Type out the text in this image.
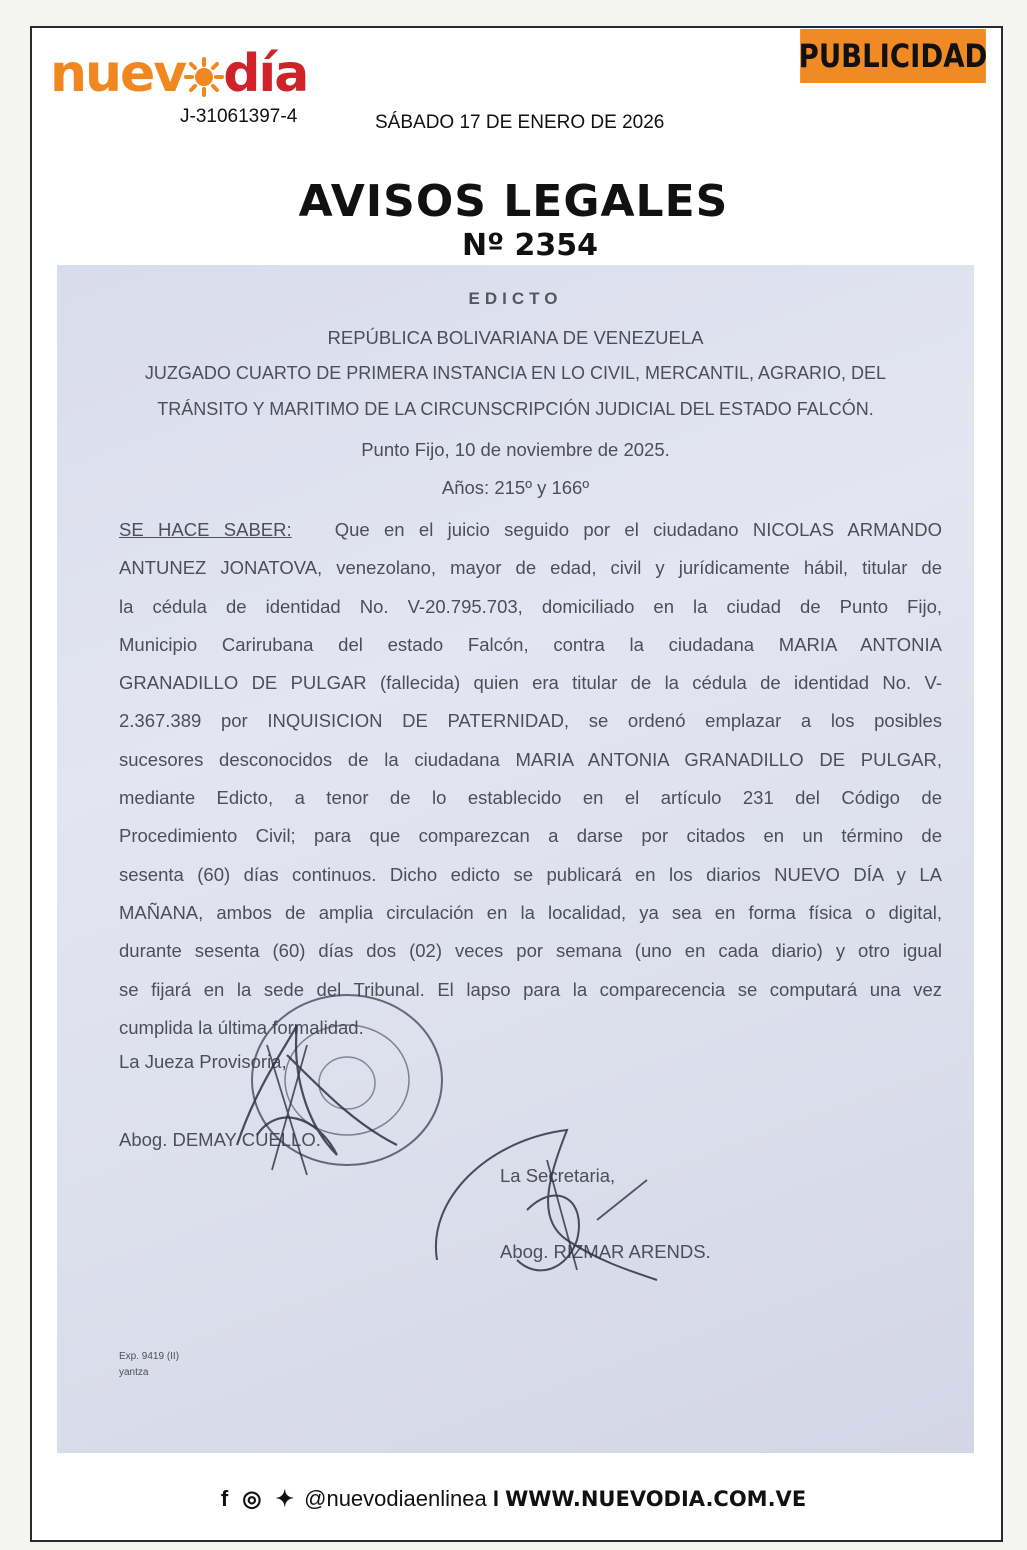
nuev día
J-31061397-4	SÁBADO 17 DE ENERO DE 2026
PUBLICIDAD
AVISOS LEGALES
Nº 2354
EDICTO
REPÚBLICA BOLIVARIANA DE VENEZUELA
JUZGADO CUARTO DE PRIMERA INSTANCIA EN LO CIVIL, MERCANTIL, AGRARIO, DEL
TRÁNSITO Y MARITIMO DE LA CIRCUNSCRIPCIÓN JUDICIAL DEL ESTADO FALCÓN.
Punto Fijo, 10 de noviembre de 2025.
Años: 215º y 166º
SE HACE SABER: Que en el juicio seguido por el ciudadano NICOLAS ARMANDO
ANTUNEZ JONATOVA, venezolano, mayor de edad, civil y jurídicamente hábil, titular de
la cédula de identidad No. V-20.795.703, domiciliado en la ciudad de Punto Fijo,
Municipio Carirubana del estado Falcón, contra la ciudadana MARIA ANTONIA
GRANADILLO DE PULGAR (fallecida) quien era titular de la cédula de identidad No. V-
2.367.389 por INQUISICION DE PATERNIDAD, se ordenó emplazar a los posibles
sucesores desconocidos de la ciudadana MARIA ANTONIA GRANADILLO DE PULGAR,
mediante Edicto, a tenor de lo establecido en el artículo 231 del Código de
Procedimiento Civil; para que comparezcan a darse por citados en un término de
sesenta (60) días continuos. Dicho edicto se publicará en los diarios NUEVO DÍA y LA
MAÑANA, ambos de amplia circulación en la localidad, ya sea en forma física o digital,
durante sesenta (60) días dos (02) veces por semana (uno en cada diario) y otro igual
se fijará en la sede del Tribunal. El lapso para la comparecencia se computará una vez
cumplida la última formalidad.
La Jueza Provisoria,
Abog. DEMAY CUELLO.
La Secretaria,
Abog. RIZMAR ARENDS.
Exp. 9419 (II)
yantza
f ◎ ✦ @nuevodiaenlinea I WWW.NUEVODIA.COM.VE
